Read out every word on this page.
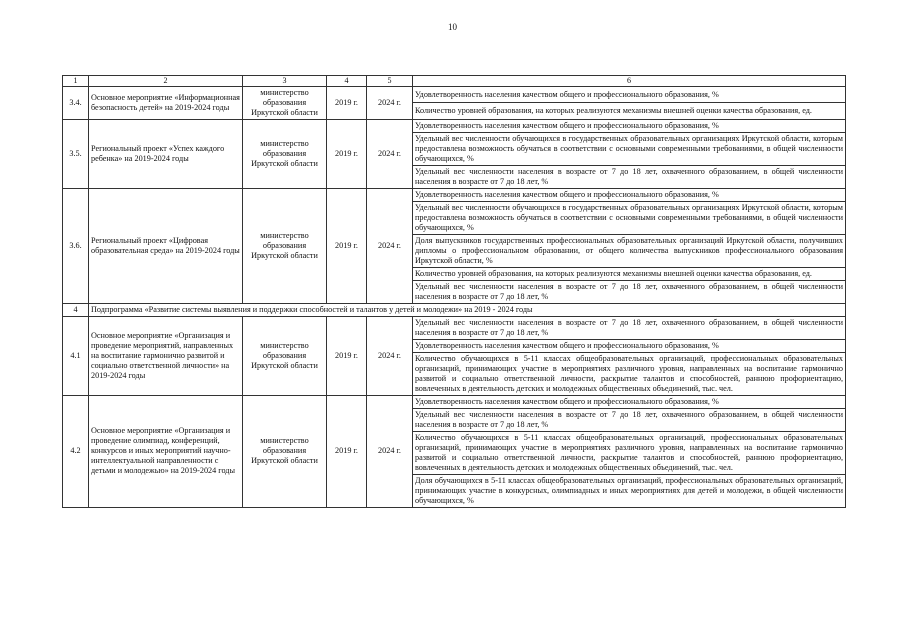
10
1	2	3	4	5	6
3.4.	Основное мероприятие «Информационная безопасность детей» на 2019-2024 годы	министерство образования Иркутской области	2019 г.	2024 г.	Удовлетворенность населения качеством общего и профессионального образования, %
					Количество уровней образования, на которых реализуются механизмы внешней оценки качества образования, ед.
3.5.	Региональный проект «Успех каждого ребенка» на 2019-2024 годы	министерство образования Иркутской области	2019 г.	2024 г.	Удовлетворенность населения качеством общего и профессионального образования, %
					Удельный вес численности обучающихся в государственных образовательных организациях Иркутской области, которым предоставлена возможность обучаться в соответствии с основными современными требованиями, в общей численности обучающихся, %
					Удельный вес численности населения в возрасте от 7 до 18 лет, охваченного образованием, в общей численности населения в возрасте от 7 до 18 лет, %
3.6.	Региональный проект «Цифровая образовательная среда» на 2019-2024 годы	министерство образования Иркутской области	2019 г.	2024 г.	Удовлетворенность населения качеством общего и профессионального образования, %
					Удельный вес численности обучающихся в государственных образовательных организациях Иркутской области, которым предоставлена возможность обучаться в соответствии с основными современными требованиями, в общей численности обучающихся, %
					Доля выпускников государственных профессиональных образовательных организаций Иркутской области, получивших дипломы о профессиональном образовании, от общего количества выпускников профессионального образования Иркутской области, %
					Количество уровней образования, на которых реализуются механизмы внешней оценки качества образования, ед.
					Удельный вес численности населения в возрасте от 7 до 18 лет, охваченного образованием, в общей численности населения в возрасте от 7 до 18 лет, %
4	Подпрограмма «Развитие системы выявления и поддержки способностей и талантов у детей и молодежи» на 2019 - 2024 годы				
4.1	Основное мероприятие «Организация и проведение мероприятий, направленных на воспитание гармонично развитой и социально ответственной личности» на 2019-2024 годы	министерство образования Иркутской области	2019 г.	2024 г.	Удельный вес численности населения в возрасте от 7 до 18 лет, охваченного образованием, в общей численности населения в возрасте от 7 до 18 лет, %
					Удовлетворенность населения качеством общего и профессионального образования, %
					Количество обучающихся в 5-11 классах общеобразовательных организаций, профессиональных образовательных организаций, принимающих участие в мероприятиях различного уровня, направленных на воспитание гармонично развитой и социально ответственной личности, раскрытие талантов и способностей, раннюю профориентацию, вовлеченных в деятельность детских и молодежных общественных объединений, тыс. чел.
4.2	Основное мероприятие «Организация и проведение олимпиад, конференций, конкурсов и иных мероприятий научно-интеллектуальной направленности с детьми и молодежью» на 2019-2024 годы	министерство образования Иркутской области	2019 г.	2024 г.	Удовлетворенность населения качеством общего и профессионального образования, %
					Удельный вес численности населения в возрасте от 7 до 18 лет, охваченного образованием, в общей численности населения в возрасте от 7 до 18 лет, %
					Количество обучающихся в 5-11 классах общеобразовательных организаций, профессиональных образовательных организаций, принимающих участие в мероприятиях различного уровня, направленных на воспитание гармонично развитой и социально ответственной личности, раскрытие талантов и способностей, раннюю профориентацию, вовлеченных в деятельность детских и молодежных общественных объединений, тыс. чел.
					Доля обучающихся в 5-11 классах общеобразовательных организаций, профессиональных образовательных организаций, принимающих участие в конкурсных, олимпиадных и иных мероприятиях для детей и молодежи, в общей численности обучающихся, %
